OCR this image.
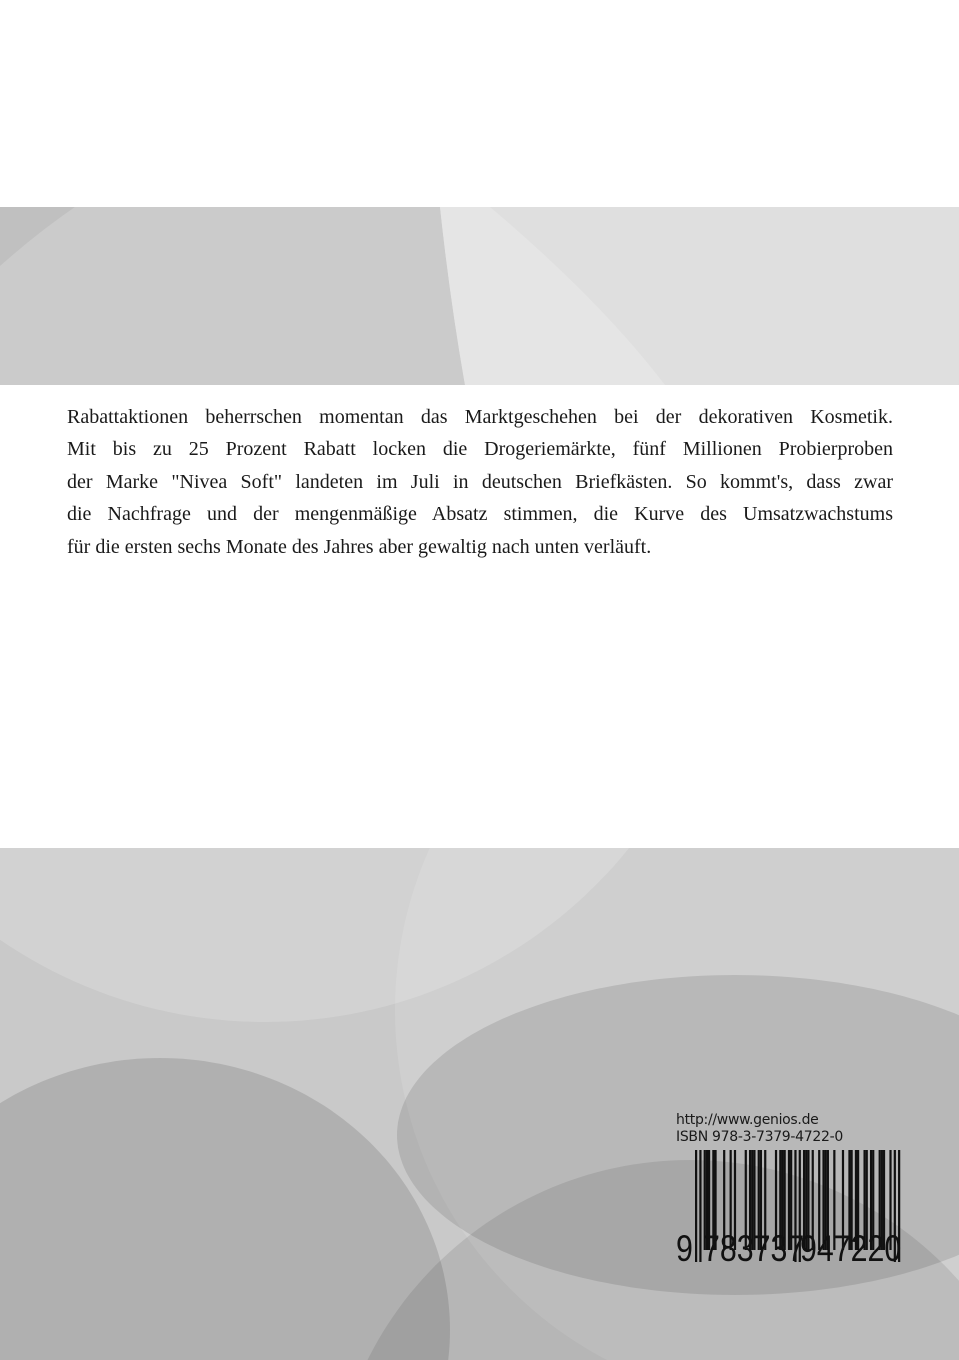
Rabattaktionen beherrschen momentan das Marktgeschehen bei der dekorativen Kosmetik.
Mit bis zu 25 Prozent Rabatt locken die Drogeriemärkte, fünf Millionen Probierproben
der Marke "Nivea Soft" landeten im Juli in deutschen Briefkästen. So kommt's, dass zwar
die Nachfrage und der mengenmäßige Absatz stimmen, die Kurve des Umsatzwachstums
für die ersten sechs Monate des Jahres aber gewaltig nach unten verläuft.
http://www.genios.de
ISBN 978-3-7379-4722-0
9 783737
947220
